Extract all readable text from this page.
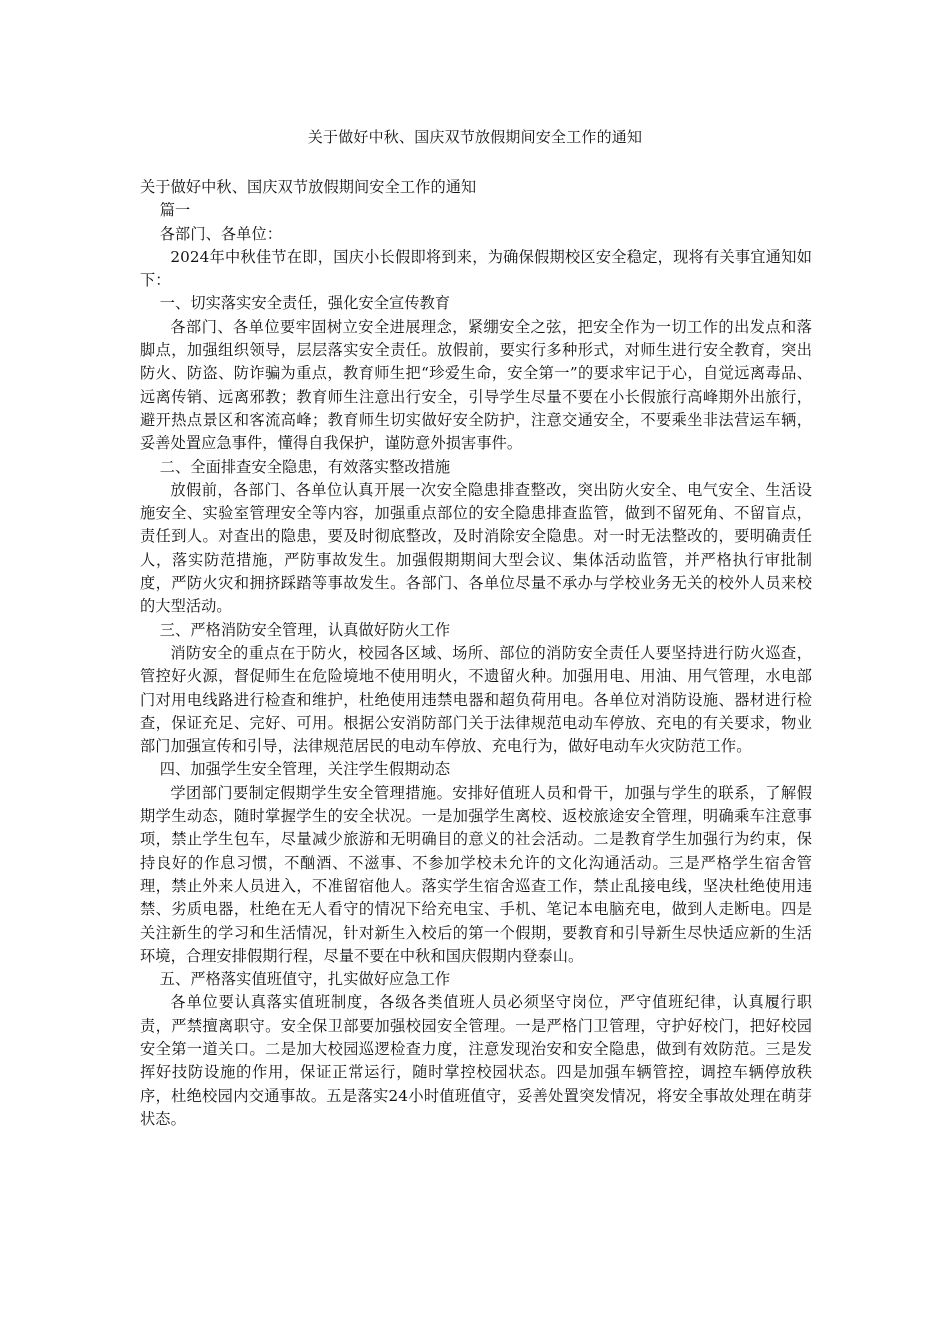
关于做好中秋、国庆双节放假期间安全工作的通知

关于做好中秋、国庆双节放假期间安全工作的通知

篇一

各部门、各单位：

2024年中秋佳节在即，国庆小长假即将到来，为确保假期校区安全稳定，现将有关事宜通知如下：

一、切实落实安全责任，强化安全宣传教育

各部门、各单位要牢固树立安全进展理念，紧绷安全之弦，把安全作为一切工作的出发点和落脚点，加强组织领导，层层落实安全责任。放假前，要实行多种形式，对师生进行安全教育，突出防火、防盗、防诈骗为重点，教育师生把“珍爱生命，安全第一”的要求牢记于心，自觉远离毒品、远离传销、远离邪教；教育师生注意出行安全，引导学生尽量不要在小长假旅行高峰期外出旅行，避开热点景区和客流高峰；教育师生切实做好安全防护，注意交通安全，不要乘坐非法营运车辆，妥善处置应急事件，懂得自我保护，谨防意外损害事件。

二、全面排查安全隐患，有效落实整改措施

放假前，各部门、各单位认真开展一次安全隐患排查整改，突出防火安全、电气安全、生活设施安全、实验室管理安全等内容，加强重点部位的安全隐患排查监管，做到不留死角、不留盲点，责任到人。对查出的隐患，要及时彻底整改，及时消除安全隐患。对一时无法整改的，要明确责任人，落实防范措施，严防事故发生。加强假期期间大型会议、集体活动监管，并严格执行审批制度，严防火灾和拥挤踩踏等事故发生。各部门、各单位尽量不承办与学校业务无关的校外人员来校的大型活动。

三、严格消防安全管理，认真做好防火工作

消防安全的重点在于防火，校园各区域、场所、部位的消防安全责任人要坚持进行防火巡查，管控好火源，督促师生在危险境地不使用明火，不遗留火种。加强用电、用油、用气管理，水电部门对用电线路进行检查和维护，杜绝使用违禁电器和超负荷用电。各单位对消防设施、器材进行检查，保证充足、完好、可用。根据公安消防部门关于法律规范电动车停放、充电的有关要求，物业部门加强宣传和引导，法律规范居民的电动车停放、充电行为，做好电动车火灾防范工作。

四、加强学生安全管理，关注学生假期动态

学团部门要制定假期学生安全管理措施。安排好值班人员和骨干，加强与学生的联系，了解假期学生动态，随时掌握学生的安全状况。一是加强学生离校、返校旅途安全管理，明确乘车注意事项，禁止学生包车，尽量减少旅游和无明确目的意义的社会活动。二是教育学生加强行为约束，保持良好的作息习惯，不酗酒、不滋事、不参加学校未允许的文化沟通活动。三是严格学生宿舍管理，禁止外来人员进入，不准留宿他人。落实学生宿舍巡查工作，禁止乱接电线，坚决杜绝使用违禁、劣质电器，杜绝在无人看守的情况下给充电宝、手机、笔记本电脑充电，做到人走断电。四是关注新生的学习和生活情况，针对新生入校后的第一个假期，要教育和引导新生尽快适应新的生活环境，合理安排假期行程，尽量不要在中秋和国庆假期内登泰山。

五、严格落实值班值守，扎实做好应急工作

各单位要认真落实值班制度，各级各类值班人员必须坚守岗位，严守值班纪律，认真履行职责，严禁擅离职守。安全保卫部要加强校园安全管理。一是严格门卫管理，守护好校门，把好校园安全第一道关口。二是加大校园巡逻检查力度，注意发现治安和安全隐患，做到有效防范。三是发挥好技防设施的作用，保证正常运行，随时掌控校园状态。四是加强车辆管控，调控车辆停放秩序，杜绝校园内交通事故。五是落实24小时值班值守，妥善处置突发情况，将安全事故处理在萌芽状态。
